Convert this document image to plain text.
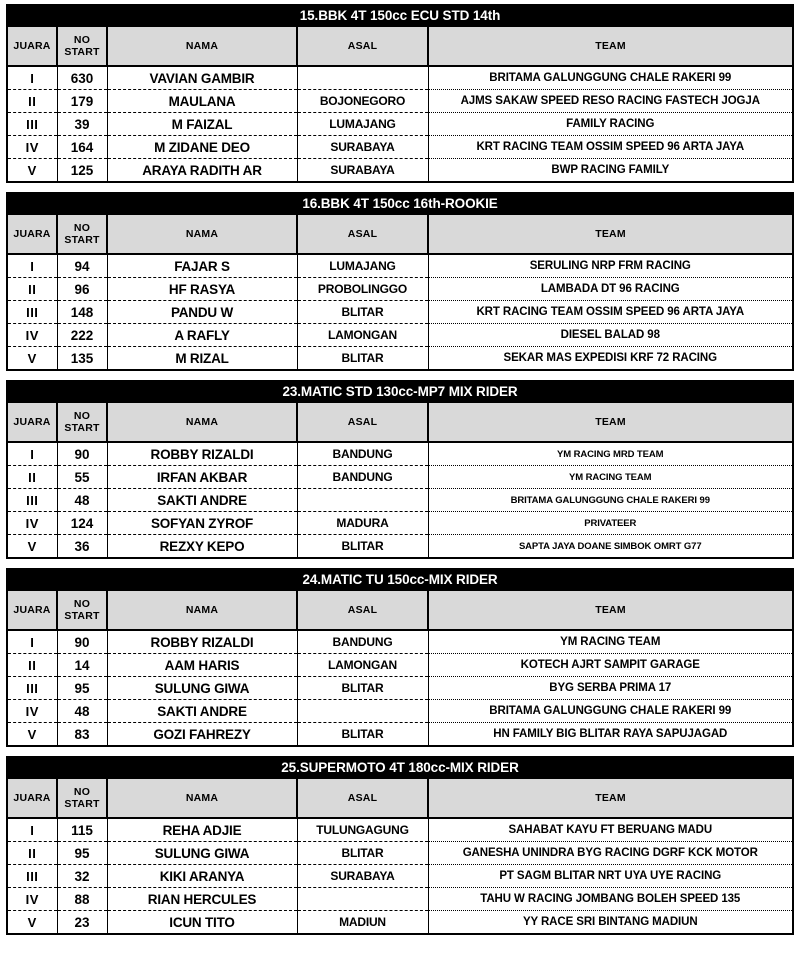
15.BBK 4T 150cc ECU STD 14th
JUARA	NO
START	NAMA	ASAL	TEAM
I	630	VAVIAN GAMBIR		BRITAMA GALUNGGUNG CHALE RAKERI 99
II	179	MAULANA	BOJONEGORO	AJMS SAKAW SPEED RESO RACING FASTECH JOGJA
III	39	M FAIZAL	LUMAJANG	FAMILY RACING
IV	164	M ZIDANE DEO	SURABAYA	KRT RACING TEAM OSSIM SPEED 96 ARTA JAYA
V	125	ARAYA RADITH AR	SURABAYA	BWP RACING FAMILY
16.BBK 4T 150cc 16th-ROOKIE
JUARA	NO
START	NAMA	ASAL	TEAM
I	94	FAJAR S	LUMAJANG	SERULING NRP FRM RACING
II	96	HF RASYA	PROBOLINGGO	LAMBADA DT 96 RACING
III	148	PANDU W	BLITAR	KRT RACING TEAM OSSIM SPEED 96 ARTA JAYA
IV	222	A RAFLY	LAMONGAN	DIESEL BALAD 98
V	135	M RIZAL	BLITAR	SEKAR MAS EXPEDISI KRF 72 RACING
23.MATIC STD 130cc-MP7 MIX RIDER
JUARA	NO
START	NAMA	ASAL	TEAM
I	90	ROBBY RIZALDI	BANDUNG	YM RACING MRD TEAM
II	55	IRFAN AKBAR	BANDUNG	YM RACING TEAM
III	48	SAKTI ANDRE		BRITAMA GALUNGGUNG CHALE RAKERI 99
IV	124	SOFYAN ZYROF	MADURA	PRIVATEER
V	36	REZXY KEPO	BLITAR	SAPTA JAYA DOANE SIMBOK OMRT G77
24.MATIC TU 150cc-MIX RIDER
JUARA	NO
START	NAMA	ASAL	TEAM
I	90	ROBBY RIZALDI	BANDUNG	YM RACING TEAM
II	14	AAM HARIS	LAMONGAN	KOTECH AJRT SAMPIT GARAGE
III	95	SULUNG GIWA	BLITAR	BYG SERBA PRIMA 17
IV	48	SAKTI ANDRE		BRITAMA GALUNGGUNG CHALE RAKERI 99
V	83	GOZI FAHREZY	BLITAR	HN FAMILY BIG BLITAR RAYA SAPUJAGAD
25.SUPERMOTO 4T 180cc-MIX RIDER
JUARA	NO
START	NAMA	ASAL	TEAM
I	115	REHA ADJIE	TULUNGAGUNG	SAHABAT KAYU FT BERUANG MADU
II	95	SULUNG GIWA	BLITAR	GANESHA UNINDRA BYG RACING DGRF KCK MOTOR
III	32	KIKI ARANYA	SURABAYA	PT SAGM BLITAR NRT UYA UYE RACING
IV	88	RIAN HERCULES		TAHU W RACING JOMBANG BOLEH SPEED 135
V	23	ICUN TITO	MADIUN	YY RACE SRI BINTANG MADIUN
